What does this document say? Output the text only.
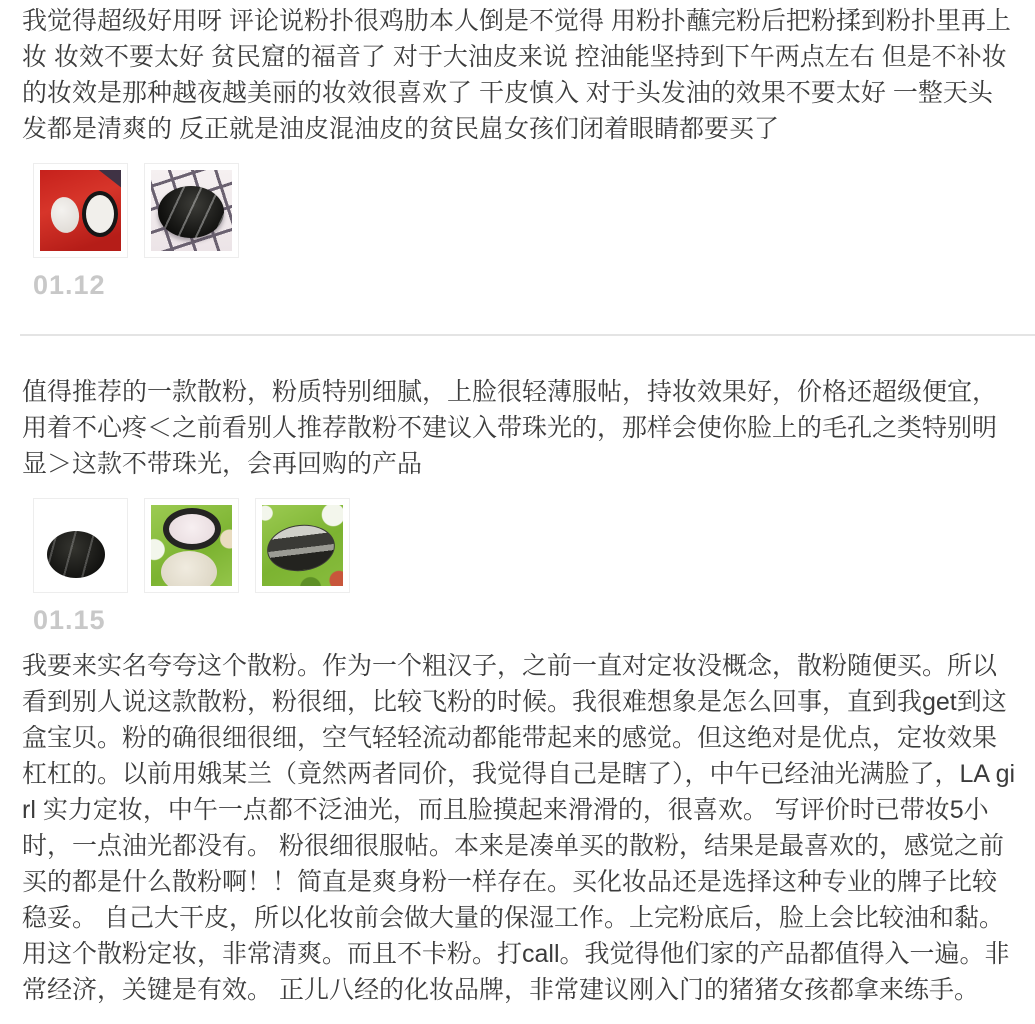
我觉得超级好用呀 评论说粉扑很鸡肋本人倒是不觉得 用粉扑蘸完粉后把粉揉到粉扑里再上妆 妆效不要太好 贫民窟的福音了 对于大油皮来说 控油能坚持到下午两点左右 但是不补妆的妆效是那种越夜越美丽的妆效很喜欢了 干皮慎入 对于头发油的效果不要太好 一整天头发都是清爽的 反正就是油皮混油皮的贫民崫女孩们闭着眼睛都要买了

01.12

值得推荐的一款散粉，粉质特别细腻，上脸很轻薄服帖，持妆效果好，价格还超级便宜，用着不心疼＜之前看别人推荐散粉不建议入带珠光的，那样会使你脸上的毛孔之类特别明显＞这款不带珠光，会再回购的产品

01.15

我要来实名夸夸这个散粉。作为一个粗汉子，之前一直对定妆没概念，散粉随便买。所以看到别人说这款散粉，粉很细，比较飞粉的时候。我很难想象是怎么回事，直到我get到这盒宝贝。粉的确很细很细，空气轻轻流动都能带起来的感觉。但这绝对是优点，定妆效果杠杠的。以前用娥某兰（竟然两者同价，我觉得自己是瞎了），中午已经油光满脸了，LA girl 实力定妆，中午一点都不泛油光，而且脸摸起来滑滑的，很喜欢。 写评价时已带妆5小时，一点油光都没有。 粉很细很服帖。本来是凑单买的散粉，结果是最喜欢的，感觉之前买的都是什么散粉啊！！简直是爽身粉一样存在。买化妆品还是选择这种专业的牌子比较稳妥。 自己大干皮，所以化妆前会做大量的保湿工作。上完粉底后，脸上会比较油和黏。用这个散粉定妆，非常清爽。而且不卡粉。打call。我觉得他们家的产品都值得入一遍。非常经济，关键是有效。 正儿八经的化妆品牌，非常建议刚入门的猪猪女孩都拿来练手。
